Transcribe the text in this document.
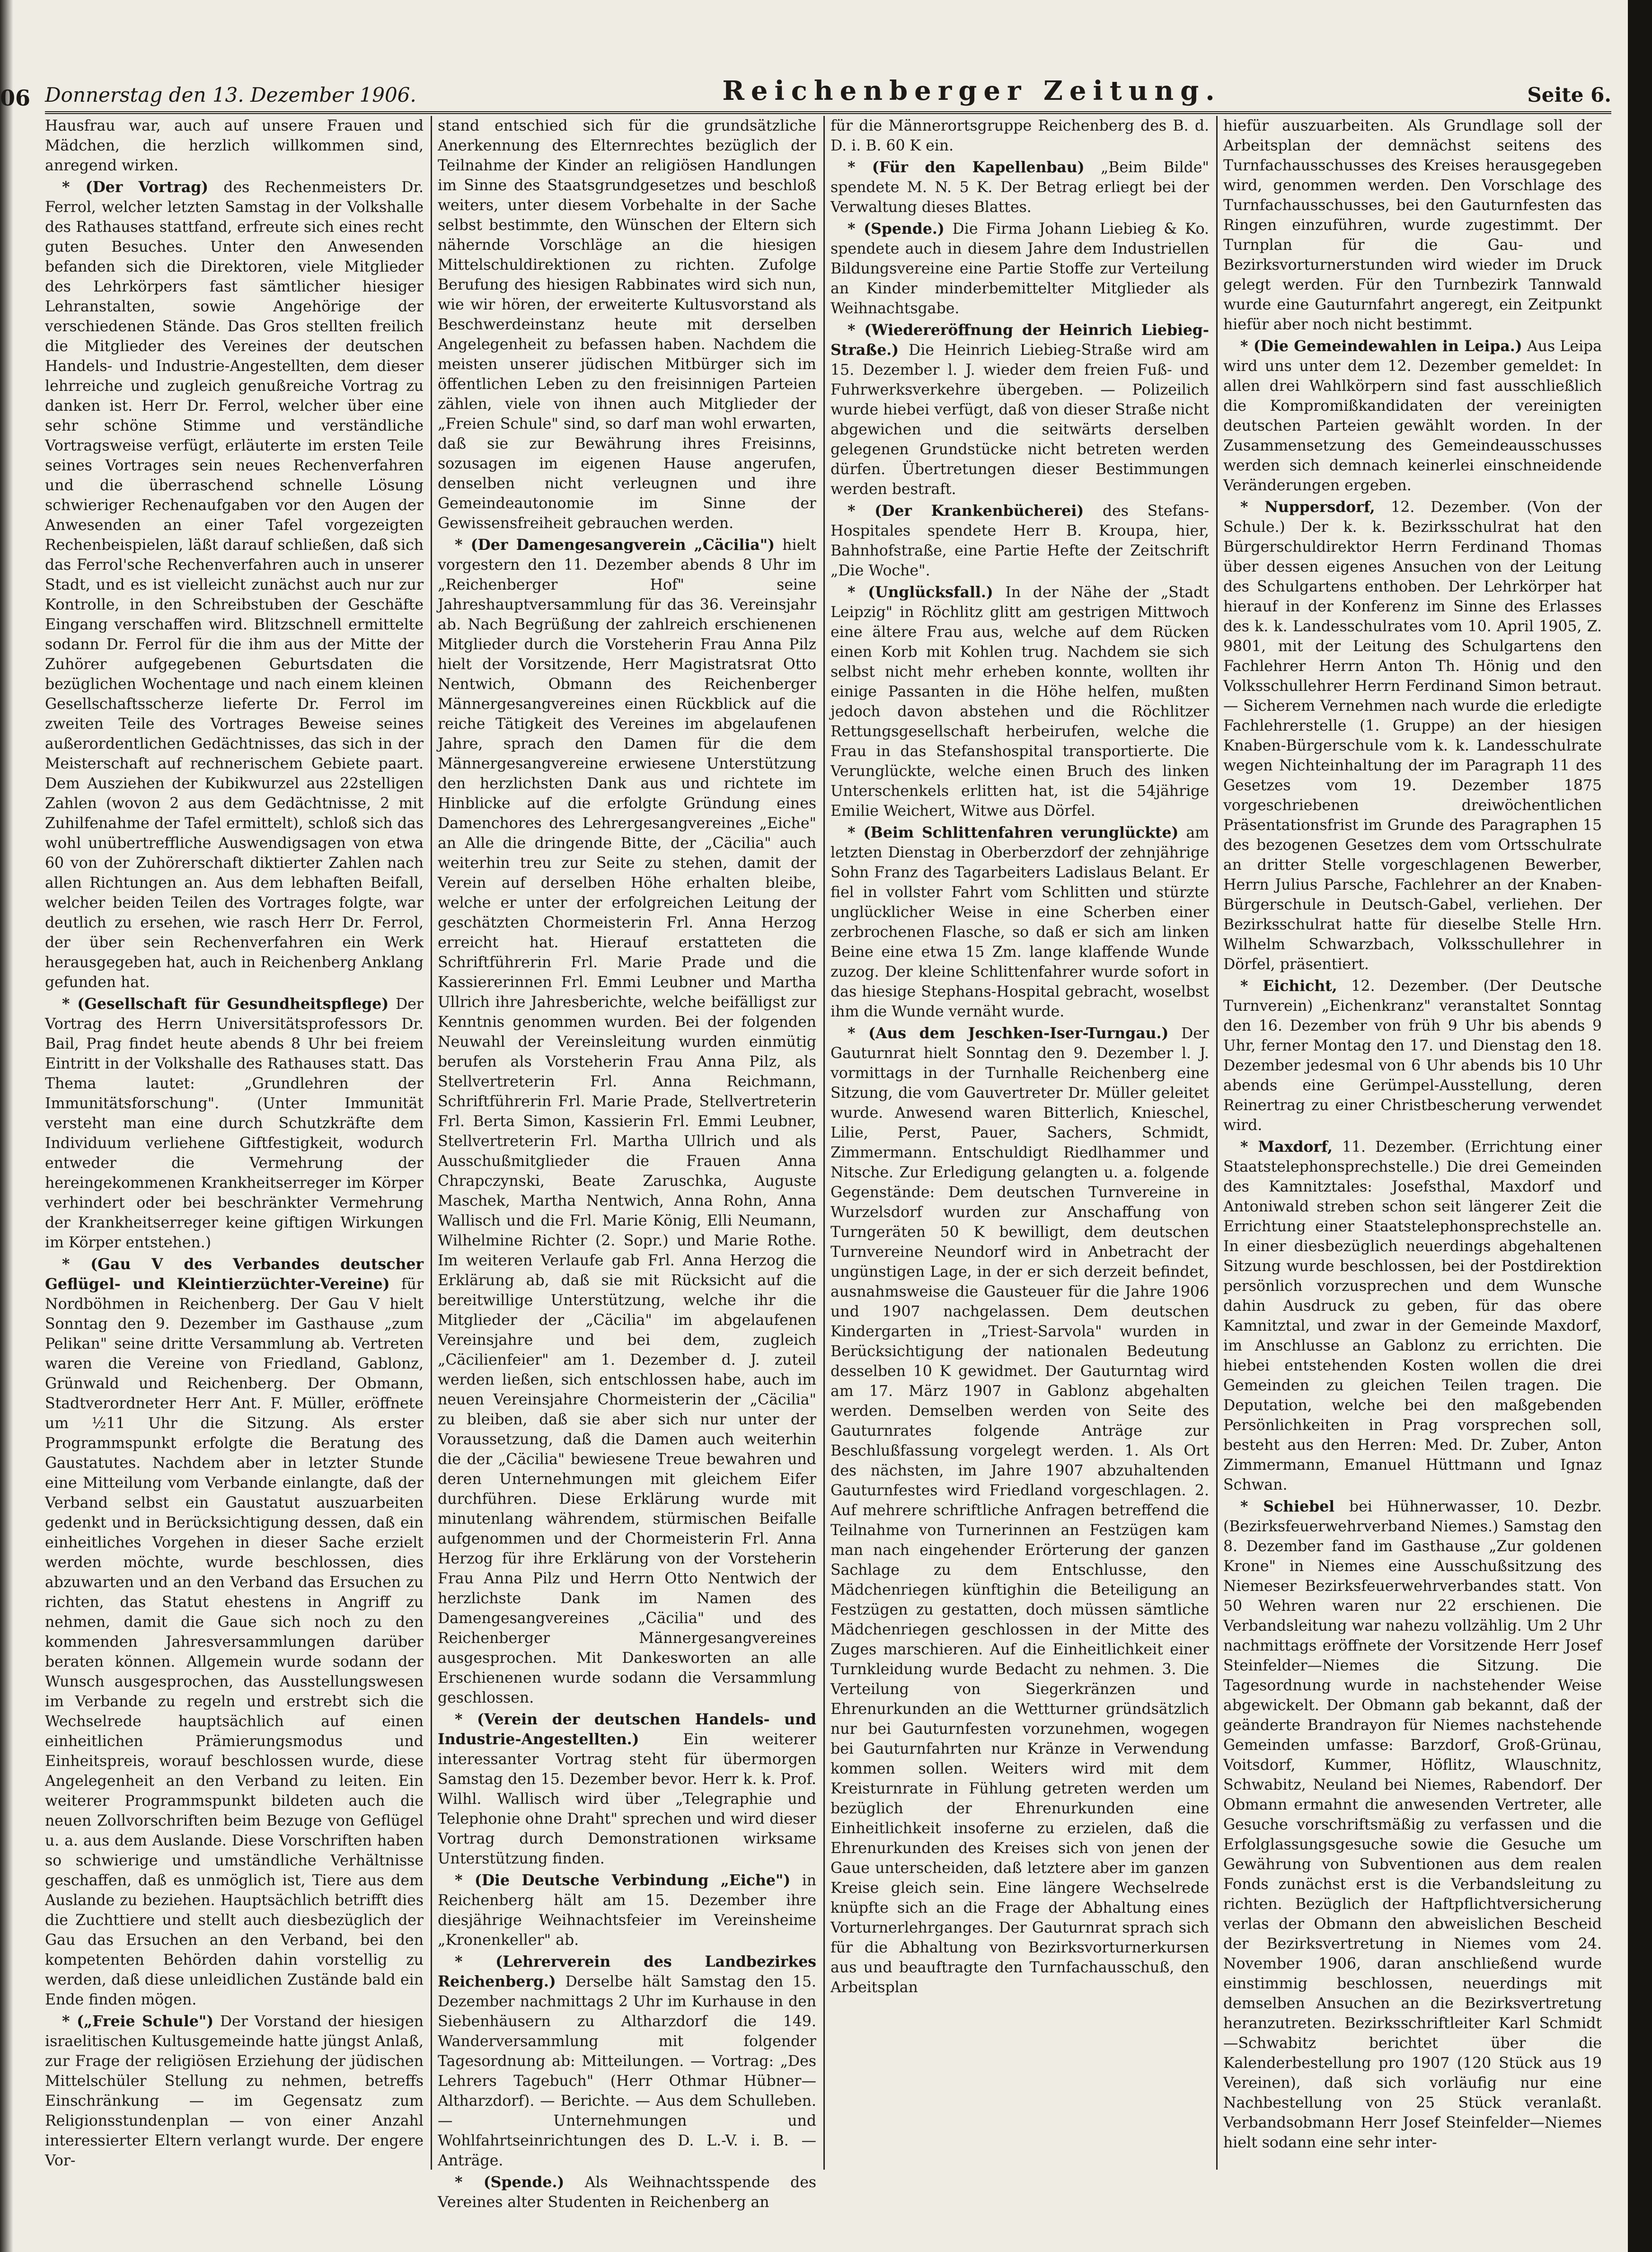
06 Donnerstag den 13. Dezember 1906.	Reichenberger Zeitung.	Seite 6.

Hausfrau war, auch auf unsere Frauen und Mädchen, die herzlich willkommen sind, anregend wirken.

* (Der Vortrag) des Rechenmeisters Dr. Ferrol, welcher letzten Samstag in der Volkshalle des Rathauses stattfand, erfreute sich eines recht guten Besuches. Unter den Anwesenden befanden sich die Direktoren, viele Mitglieder des Lehrkörpers fast sämtlicher hiesiger Lehranstalten, sowie Angehörige der verschiedenen Stände. Das Gros stellten freilich die Mitglieder des Vereines der deutschen Handels- und Industrie-Angestellten, dem dieser lehrreiche und zugleich genußreiche Vortrag zu danken ist. Herr Dr. Ferrol, welcher über eine sehr schöne Stimme und verständliche Vortragsweise verfügt, erläuterte im ersten Teile seines Vortrages sein neues Rechenverfahren und die überraschend schnelle Lösung schwieriger Rechenaufgaben vor den Augen der Anwesenden an einer Tafel vorgezeigten Rechenbeispielen, läßt darauf schließen, daß sich das Ferrol'sche Rechenverfahren auch in unserer Stadt, und es ist vielleicht zunächst auch nur zur Kontrolle, in den Schreibstuben der Geschäfte Eingang verschaffen wird. Blitzschnell ermittelte sodann Dr. Ferrol für die ihm aus der Mitte der Zuhörer aufgegebenen Geburtsdaten die bezüglichen Wochentage und nach einem kleinen Gesellschaftsscherze lieferte Dr. Ferrol im zweiten Teile des Vortrages Beweise seines außerordentlichen Gedächtnisses, das sich in der Meisterschaft auf rechnerischem Gebiete paart. Dem Ausziehen der Kubikwurzel aus 22stelligen Zahlen (wovon 2 aus dem Gedächtnisse, 2 mit Zuhilfenahme der Tafel ermittelt), schloß sich das wohl unübertreffliche Auswendigsagen von etwa 60 von der Zuhörerschaft diktierter Zahlen nach allen Richtungen an. Aus dem lebhaften Beifall, welcher beiden Teilen des Vortrages folgte, war deutlich zu ersehen, wie rasch Herr Dr. Ferrol, der über sein Rechenverfahren ein Werk herausgegeben hat, auch in Reichenberg Anklang gefunden hat.

* (Gesellschaft für Gesundheitspflege) Der Vortrag des Herrn Universitätsprofessors Dr. Bail, Prag findet heute abends 8 Uhr bei freiem Eintritt in der Volkshalle des Rathauses statt. Das Thema lautet: „Grundlehren der Immunitätsforschung". (Unter Immunität versteht man eine durch Schutzkräfte dem Individuum verliehene Giftfestigkeit, wodurch entweder die Vermehrung der hereingekommenen Krankheitserreger im Körper verhindert oder bei beschränkter Vermehrung der Krankheitserreger keine giftigen Wirkungen im Körper entstehen.)

* (Gau V des Verbandes deutscher Geflügel- und Kleintierzüchter-Vereine) für Nordböhmen in Reichenberg. Der Gau V hielt Sonntag den 9. Dezember im Gasthause „zum Pelikan" seine dritte Versammlung ab. Vertreten waren die Vereine von Friedland, Gablonz, Grünwald und Reichenberg. Der Obmann, Stadtverordneter Herr Ant. F. Müller, eröffnete um ½11 Uhr die Sitzung. Als erster Programmspunkt erfolgte die Beratung des Gaustatutes. Nachdem aber in letzter Stunde eine Mitteilung vom Verbande einlangte, daß der Verband selbst ein Gaustatut auszuarbeiten gedenkt und in Berücksichtigung dessen, daß ein einheitliches Vorgehen in dieser Sache erzielt werden möchte, wurde beschlossen, dies abzuwarten und an den Verband das Ersuchen zu richten, das Statut ehestens in Angriff zu nehmen, damit die Gaue sich noch zu den kommenden Jahresversammlungen darüber beraten können. Allgemein wurde sodann der Wunsch ausgesprochen, das Ausstellungswesen im Verbande zu regeln und erstrebt sich die Wechselrede hauptsächlich auf einen einheitlichen Prämierungsmodus und Einheitspreis, worauf beschlossen wurde, diese Angelegenheit an den Verband zu leiten. Ein weiterer Programmspunkt bildeten auch die neuen Zollvorschriften beim Bezuge von Geflügel u. a. aus dem Auslande. Diese Vorschriften haben so schwierige und umständliche Verhältnisse geschaffen, daß es unmöglich ist, Tiere aus dem Auslande zu beziehen. Hauptsächlich betrifft dies die Zuchttiere und stellt auch diesbezüglich der Gau das Ersuchen an den Verband, bei den kompetenten Behörden dahin vorstellig zu werden, daß diese unleidlichen Zustände bald ein Ende finden mögen.

* („Freie Schule") Der Vorstand der hiesigen israelitischen Kultusgemeinde hatte jüngst Anlaß, zur Frage der religiösen Erziehung der jüdischen Mittelschüler Stellung zu nehmen, betreffs Einschränkung — im Gegensatz zum Religionsstundenplan — von einer Anzahl interessierter Eltern verlangt wurde. Der engere Vor-

stand entschied sich für die grundsätzliche Anerkennung des Elternrechtes bezüglich der Teilnahme der Kinder an religiösen Handlungen im Sinne des Staatsgrundgesetzes und beschloß weiters, unter diesem Vorbehalte in der Sache selbst bestimmte, den Wünschen der Eltern sich nähernde Vorschläge an die hiesigen Mittelschuldirektionen zu richten. Zufolge Berufung des hiesigen Rabbinates wird sich nun, wie wir hören, der erweiterte Kultusvorstand als Beschwerdeinstanz heute mit derselben Angelegenheit zu befassen haben. Nachdem die meisten unserer jüdischen Mitbürger sich im öffentlichen Leben zu den freisinnigen Parteien zählen, viele von ihnen auch Mitglieder der „Freien Schule" sind, so darf man wohl erwarten, daß sie zur Bewährung ihres Freisinns, sozusagen im eigenen Hause angerufen, denselben nicht verleugnen und ihre Gemeindeautonomie im Sinne der Gewissensfreiheit gebrauchen werden.

* (Der Damengesangverein „Cäcilia") hielt vorgestern den 11. Dezember abends 8 Uhr im „Reichenberger Hof" seine Jahreshauptversammlung für das 36. Vereinsjahr ab. Nach Begrüßung der zahlreich erschienenen Mitglieder durch die Vorsteherin Frau Anna Pilz hielt der Vorsitzende, Herr Magistratsrat Otto Nentwich, Obmann des Reichenberger Männergesangvereines einen Rückblick auf die reiche Tätigkeit des Vereines im abgelaufenen Jahre, sprach den Damen für die dem Männergesangvereine erwiesene Unterstützung den herzlichsten Dank aus und richtete im Hinblicke auf die erfolgte Gründung eines Damenchores des Lehrergesangvereines „Eiche" an Alle die dringende Bitte, der „Cäcilia" auch weiterhin treu zur Seite zu stehen, damit der Verein auf derselben Höhe erhalten bleibe, welche er unter der erfolgreichen Leitung der geschätzten Chormeisterin Frl. Anna Herzog erreicht hat. Hierauf erstatteten die Schriftführerin Frl. Marie Prade und die Kassiererinnen Frl. Emmi Leubner und Martha Ullrich ihre Jahresberichte, welche beifälligst zur Kenntnis genommen wurden. Bei der folgenden Neuwahl der Vereinsleitung wurden einmütig berufen als Vorsteherin Frau Anna Pilz, als Stellvertreterin Frl. Anna Reichmann, Schriftführerin Frl. Marie Prade, Stellvertreterin Frl. Berta Simon, Kassierin Frl. Emmi Leubner, Stellvertreterin Frl. Martha Ullrich und als Ausschußmitglieder die Frauen Anna Chrapczynski, Beate Zaruschka, Auguste Maschek, Martha Nentwich, Anna Rohn, Anna Wallisch und die Frl. Marie König, Elli Neumann, Wilhelmine Richter (2. Sopr.) und Marie Rothe. Im weiteren Verlaufe gab Frl. Anna Herzog die Erklärung ab, daß sie mit Rücksicht auf die bereitwillige Unterstützung, welche ihr die Mitglieder der „Cäcilia" im abgelaufenen Vereinsjahre und bei dem, zugleich „Cäcilienfeier" am 1. Dezember d. J. zuteil werden ließen, sich entschlossen habe, auch im neuen Vereinsjahre Chormeisterin der „Cäcilia" zu bleiben, daß sie aber sich nur unter der Voraussetzung, daß die Damen auch weiterhin die der „Cäcilia" bewiesene Treue bewahren und deren Unternehmungen mit gleichem Eifer durchführen. Diese Erklärung wurde mit minutenlang währendem, stürmischen Beifalle aufgenommen und der Chormeisterin Frl. Anna Herzog für ihre Erklärung von der Vorsteherin Frau Anna Pilz und Herrn Otto Nentwich der herzlichste Dank im Namen des Damengesangvereines „Cäcilia" und des Reichenberger Männergesangvereines ausgesprochen. Mit Dankesworten an alle Erschienenen wurde sodann die Versammlung geschlossen.

* (Verein der deutschen Handels- und Industrie-Angestellten.)	Ein weiterer interessanter Vortrag steht für übermorgen Samstag den 15. Dezember bevor. Herr k. k. Prof. Wilhl. Wallisch wird über „Telegraphie und Telephonie ohne Draht" sprechen und wird dieser Vortrag durch Demonstrationen wirksame Unterstützung finden.

* (Die Deutsche Verbindung „Eiche") in Reichenberg hält am 15. Dezember ihre diesjährige Weihnachtsfeier im Vereinsheime „Kronenkeller" ab.

* (Lehrerverein des Landbezirkes Reichenberg.) Derselbe hält Samstag den 15. Dezember nachmittags 2 Uhr im Kurhause in den Siebenhäusern zu Altharzdorf die 149. Wanderversammlung mit folgender Tagesordnung ab: Mitteilungen. — Vortrag: „Des Lehrers Tagebuch" (Herr Othmar Hübner—Altharzdorf). — Berichte. — Aus dem Schulleben. — Unternehmungen und Wohlfahrtseinrichtungen des D. L.-V. i. B. — Anträge.

* (Spende.) Als Weihnachtsspende des Vereines alter Studenten in Reichenberg an

für die Männerortsgruppe Reichenberg des B. d. D. i. B. 60 K ein.

* (Für den Kapellenbau) „Beim Bilde" spendete M. N. 5 K. Der Betrag erliegt bei der Verwaltung dieses Blattes.

* (Spende.) Die Firma Johann Liebieg & Ko. spendete auch in diesem Jahre dem Industriellen Bildungsvereine eine Partie Stoffe zur Verteilung an Kinder minderbemittelter Mitglieder als Weihnachtsgabe.

* (Wiedereröffnung der Heinrich Liebieg-Straße.) Die Heinrich Liebieg-Straße wird am 15. Dezember l. J. wieder dem freien Fuß- und Fuhrwerksverkehre übergeben. — Polizeilich wurde hiebei verfügt, daß von dieser Straße nicht abgewichen und die seitwärts derselben gelegenen Grundstücke nicht betreten werden dürfen. Übertretungen dieser Bestimmungen werden bestraft.

* (Der Krankenbücherei) des Stefans-Hospitales spendete Herr B. Kroupa, hier, Bahnhofstraße, eine Partie Hefte der Zeitschrift „Die Woche".

* (Unglücksfall.) In der Nähe der „Stadt Leipzig" in Röchlitz glitt am gestrigen Mittwoch eine ältere Frau aus, welche auf dem Rücken einen Korb mit Kohlen trug. Nachdem sie sich selbst nicht mehr erheben konnte, wollten ihr einige Passanten in die Höhe helfen, mußten jedoch davon abstehen und die Röchlitzer Rettungsgesellschaft herbeirufen, welche die Frau in das Stefanshospital transportierte. Die Verunglückte, welche einen Bruch des linken Unterschenkels erlitten hat, ist die 54jährige Emilie Weichert, Witwe aus Dörfel.

* (Beim Schlittenfahren verunglückte) am letzten Dienstag in Oberberzdorf der zehnjährige Sohn Franz des Tagarbeiters Ladislaus Belant. Er fiel in vollster Fahrt vom Schlitten und stürzte unglücklicher Weise in eine Scherben einer zerbrochenen Flasche, so daß er sich am linken Beine eine etwa 15 Zm. lange klaffende Wunde zuzog. Der kleine Schlittenfahrer wurde sofort in das hiesige Stephans-Hospital gebracht, woselbst ihm die Wunde vernäht wurde.

* (Aus dem Jeschken-Iser-Turngau.) Der Gauturnrat hielt Sonntag den 9. Dezember l. J. vormittags in der Turnhalle Reichenberg eine Sitzung, die vom Gauvertreter Dr. Müller geleitet wurde. Anwesend waren Bitterlich, Knieschel, Lilie, Perst, Pauer, Sachers, Schmidt, Zimmermann. Entschuldigt Riedlhammer und Nitsche. Zur Erledigung gelangten u. a. folgende Gegenstände: Dem deutschen Turnvereine in Wurzelsdorf wurden zur Anschaffung von Turngeräten 50 K bewilligt, dem deutschen Turnvereine Neundorf wird in Anbetracht der ungünstigen Lage, in der er sich derzeit befindet, ausnahmsweise die Gausteuer für die Jahre 1906 und 1907 nachgelassen. Dem deutschen Kindergarten in „Triest-Sarvola" wurden in Berücksichtigung der nationalen Bedeutung desselben 10 K gewidmet. Der Gauturntag wird am 17. März 1907 in Gablonz abgehalten werden. Demselben werden von Seite des Gauturnrates folgende Anträge zur Beschlußfassung vorgelegt werden. 1. Als Ort des nächsten, im Jahre 1907 abzuhaltenden Gauturnfestes wird Friedland vorgeschlagen. 2. Auf mehrere schriftliche Anfragen betreffend die Teilnahme von Turnerinnen an Festzügen kam man nach eingehender Erörterung der ganzen Sachlage zu dem Entschlusse, den Mädchenriegen künftighin die Beteiligung an Festzügen zu gestatten, doch müssen sämtliche Mädchenriegen geschlossen in der Mitte des Zuges marschieren. Auf die Einheitlichkeit einer Turnkleidung wurde Bedacht zu nehmen. 3. Die Verteilung von Siegerkränzen und Ehrenurkunden an die Wettturner gründsätzlich nur bei Gauturnfesten vorzunehmen, wogegen bei Gauturnfahrten nur Kränze in Verwendung kommen sollen. Weiters wird mit dem Kreisturnrate in Fühlung getreten werden um bezüglich der Ehrenurkunden eine Einheitlichkeit insoferne zu erzielen, daß die Ehrenurkunden des Kreises sich von jenen der Gaue unterscheiden, daß letztere aber im ganzen Kreise gleich sein. Eine längere Wechselrede knüpfte sich an die Frage der Abhaltung eines Vorturnerlehrganges. Der Gauturnrat sprach sich für die Abhaltung von Bezirksvorturnerkursen aus und beauftragte den Turnfachausschuß, den Arbeitsplan

hiefür auszuarbeiten. Als Grundlage soll der Arbeitsplan der demnächst seitens des Turnfachausschusses des Kreises herausgegeben wird, genommen werden. Den Vorschlage des Turnfachausschusses, bei den Gauturnfesten das Ringen einzuführen, wurde zugestimmt. Der Turnplan für die Gau- und Bezirksvorturnerstunden wird wieder im Druck gelegt werden. Für den Turnbezirk Tannwald wurde eine Gauturnfahrt angeregt, ein Zeitpunkt hiefür aber noch nicht bestimmt.

* (Die Gemeindewahlen in Leipa.) Aus Leipa wird uns unter dem 12. Dezember gemeldet: In allen drei Wahlkörpern sind fast ausschließlich die Kompromißkandidaten der vereinigten deutschen Parteien gewählt worden. In der Zusammensetzung des Gemeindeausschusses werden sich demnach keinerlei einschneidende Veränderungen ergeben.

* Nuppersdorf, 12. Dezember. (Von der Schule.) Der k. k. Bezirksschulrat hat den Bürgerschuldirektor Herrn Ferdinand Thomas über dessen eigenes Ansuchen von der Leitung des Schulgartens enthoben. Der Lehrkörper hat hierauf in der Konferenz im Sinne des Erlasses des k. k. Landesschulrates vom 10. April 1905, Z. 9801, mit der Leitung des Schulgartens den Fachlehrer Herrn Anton Th. Hönig und den Volksschullehrer Herrn Ferdinand Simon betraut. — Sicherem Vernehmen nach wurde die erledigte Fachlehrerstelle (1. Gruppe) an der hiesigen Knaben-Bürgerschule vom k. k. Landesschulrate wegen Nichteinhaltung der im Paragraph 11 des Gesetzes vom 19. Dezember 1875 vorgeschriebenen dreiwöchentlichen Präsentationsfrist im Grunde des Paragraphen 15 des bezogenen Gesetzes dem vom Ortsschulrate an dritter Stelle vorgeschlagenen Bewerber, Herrn Julius Parsche, Fachlehrer an der Knaben-Bürgerschule in Deutsch-Gabel, verliehen. Der Bezirksschulrat hatte für dieselbe Stelle Hrn. Wilhelm Schwarzbach, Volksschullehrer in Dörfel, präsentiert.

* Eichicht, 12. Dezember. (Der Deutsche Turnverein) „Eichenkranz" veranstaltet Sonntag den 16. Dezember von früh 9 Uhr bis abends 9 Uhr, ferner Montag den 17. und Dienstag den 18. Dezember jedesmal von 6 Uhr abends bis 10 Uhr abends eine Gerümpel-Ausstellung, deren Reinertrag zu einer Christbescherung verwendet wird.

* Maxdorf, 11. Dezember. (Errichtung einer Staatstelephonsprechstelle.) Die drei Gemeinden des Kamnitztales: Josefsthal, Maxdorf und Antoniwald streben schon seit längerer Zeit die Errichtung einer Staatstelephonsprechstelle an. In einer diesbezüglich neuerdings abgehaltenen Sitzung wurde beschlossen, bei der Postdirektion persönlich vorzusprechen und dem Wunsche dahin Ausdruck zu geben, für das obere Kamnitztal, und zwar in der Gemeinde Maxdorf, im Anschlusse an Gablonz zu errichten. Die hiebei entstehenden Kosten wollen die drei Gemeinden zu gleichen Teilen tragen. Die Deputation, welche bei den maßgebenden Persönlichkeiten in Prag vorsprechen soll, besteht aus den Herren: Med. Dr. Zuber, Anton Zimmermann, Emanuel Hüttmann und Ignaz Schwan.

* Schiebel bei Hühnerwasser, 10. Dezbr. (Bezirksfeuerwehrverband Niemes.) Samstag den 8. Dezember fand im Gasthause „Zur goldenen Krone" in Niemes eine Ausschußsitzung des Niemeser Bezirksfeuerwehrverbandes statt. Von 50 Wehren waren nur 22 erschienen. Die Verbandsleitung war nahezu vollzählig. Um 2 Uhr nachmittags eröffnete der Vorsitzende Herr Josef Steinfelder—Niemes die Sitzung. Die Tagesordnung wurde in nachstehender Weise abgewickelt. Der Obmann gab bekannt, daß der geänderte Brandrayon für Niemes nachstehende Gemeinden umfasse: Barzdorf, Groß-Grünau, Voitsdorf, Kummer, Höflitz, Wlauschnitz, Schwabitz, Neuland bei Niemes, Rabendorf. Der Obmann ermahnt die anwesenden Vertreter, alle Gesuche vorschriftsmäßig zu verfassen und die Erfolglassungsgesuche sowie die Gesuche um Gewährung von Subventionen aus dem realen Fonds zunächst erst is die Verbandsleitung zu richten. Bezüglich der Haftpflichtversicherung verlas der Obmann den abweislichen Bescheid der Bezirksvertretung in Niemes vom 24. November 1906, daran anschließend wurde einstimmig beschlossen, neuerdings mit demselben Ansuchen an die Bezirksvertretung heranzutreten. Bezirksschriftleiter Karl Schmidt—Schwabitz berichtet über die Kalenderbestellung pro 1907 (120 Stück aus 19 Vereinen), daß sich vorläufig nur eine Nachbestellung von 25 Stück veranlaßt. Verbandsobmann Herr Josef Steinfelder—Niemes hielt sodann eine sehr inter-
